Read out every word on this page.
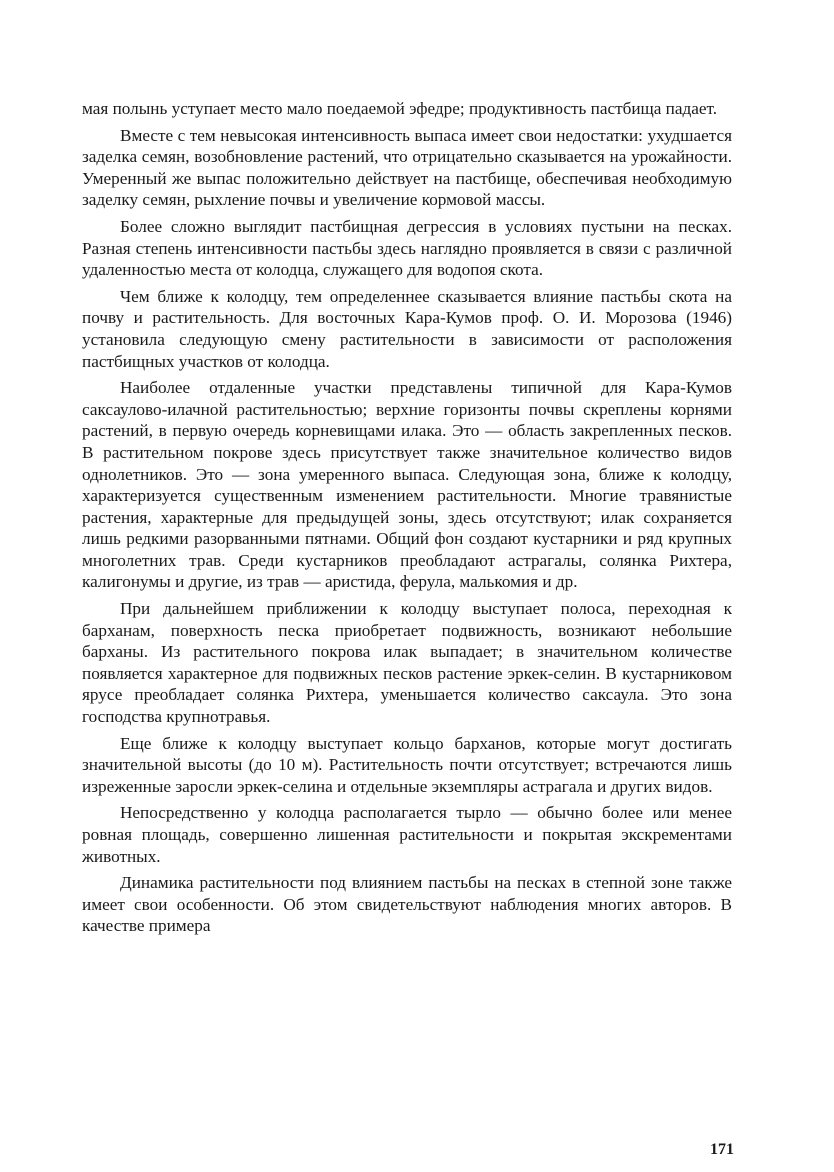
мая полынь уступает место мало поедаемой эфедре; продуктивность пастбища падает.

Вместе с тем невысокая интенсивность выпаса имеет свои недостатки: ухудшается заделка семян, возобновление растений, что отрицательно сказывается на урожайности. Умеренный же выпас положительно действует на пастбище, обеспечивая необходимую заделку семян, рыхление почвы и увеличение кормовой массы.

Более сложно выглядит пастбищная дегрессия в условиях пустыни на песках. Разная степень интенсивности пастьбы здесь наглядно проявляется в связи с различной удаленностью места от колодца, служащего для водопоя скота.

Чем ближе к колодцу, тем определеннее сказывается влияние пастьбы скота на почву и растительность. Для восточных Кара-Кумов проф. О. И. Морозова (1946) установила следующую смену растительности в зависимости от расположения пастбищных участков от колодца.

Наиболее отдаленные участки представлены типичной для Кара-Кумов саксаулово-илачной растительностью; верхние горизонты почвы скреплены корнями растений, в первую очередь корневищами илака. Это — область закрепленных песков. В растительном покрове здесь присутствует также значительное количество видов однолетников. Это — зона умеренного выпаса. Следующая зона, ближе к колодцу, характеризуется существенным изменением растительности. Многие травянистые растения, характерные для предыдущей зоны, здесь отсутствуют; илак сохраняется лишь редкими разорванными пятнами. Общий фон создают кустарники и ряд крупных многолетних трав. Среди кустарников преобладают астрагалы, солянка Рихтера, калигонумы и другие, из трав — аристида, ферула, малькомия и др.

При дальнейшем приближении к колодцу выступает полоса, переходная к барханам, поверхность песка приобретает подвижность, возникают небольшие барханы. Из растительного покрова илак выпадает; в значительном количестве появляется характерное для подвижных песков растение эркек-селин. В кустарниковом ярусе преобладает солянка Рихтера, уменьшается количество саксаула. Это зона господства крупнотравья.

Еще ближе к колодцу выступает кольцо барханов, которые могут достигать значительной высоты (до 10 м). Растительность почти отсутствует; встречаются лишь изреженные заросли эркек-селина и отдельные экземпляры астрагала и других видов.

Непосредственно у колодца располагается тырло — обычно более или менее ровная площадь, совершенно лишенная растительности и покрытая экскрементами животных.

Динамика растительности под влиянием пастьбы на песках в степной зоне также имеет свои особенности. Об этом свидетельствуют наблюдения многих авторов. В качестве примера

171
